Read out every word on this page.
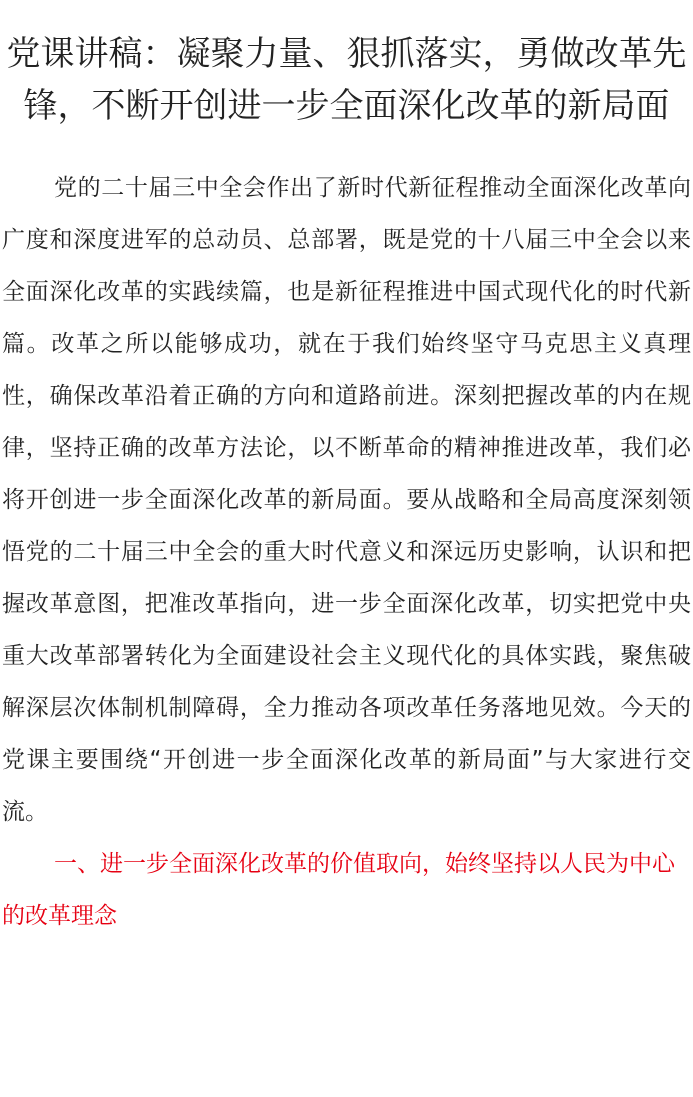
党课讲稿：凝聚力量、狠抓落实，勇做改革先锋，不断开创进一步全面深化改革的新局面

党的二十届三中全会作出了新时代新征程推动全面深化改革向广度和深度进军的总动员、总部署，既是党的十八届三中全会以来全面深化改革的实践续篇，也是新征程推进中国式现代化的时代新篇。改革之所以能够成功，就在于我们始终坚守马克思主义真理性，确保改革沿着正确的方向和道路前进。深刻把握改革的内在规律，坚持正确的改革方法论，以不断革命的精神推进改革，我们必将开创进一步全面深化改革的新局面。要从战略和全局高度深刻领悟党的二十届三中全会的重大时代意义和深远历史影响，认识和把握改革意图，把准改革指向，进一步全面深化改革，切实把党中央重大改革部署转化为全面建设社会主义现代化的具体实践，聚焦破解深层次体制机制障碍，全力推动各项改革任务落地见效。今天的党课主要围绕“开创进一步全面深化改革的新局面”与大家进行交流。

一、进一步全面深化改革的价值取向，始终坚持以人民为中心的改革理念
